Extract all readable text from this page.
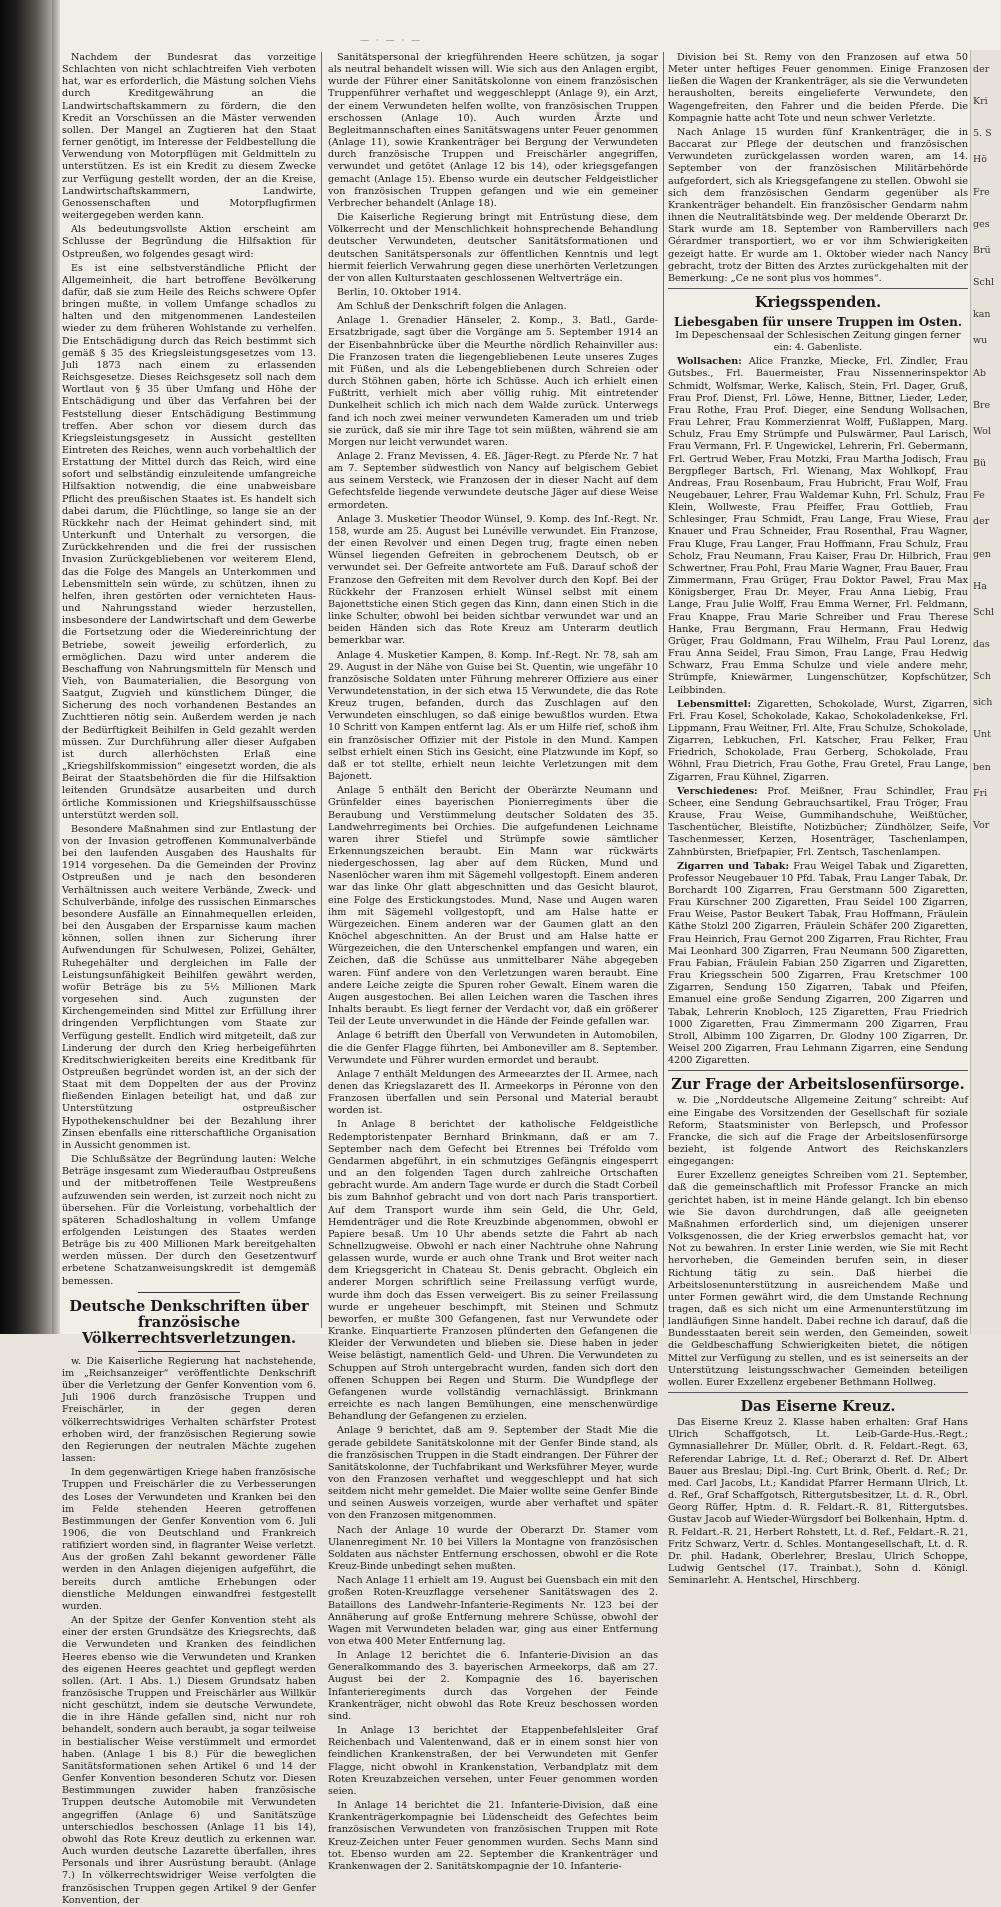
— · — · —

Nachdem der Bundesrat das vorzeitige Schlachten von nicht schlachtreifen Vieh verboten hat, war es erforderlich, die Mästung solchen Viehs durch Kreditgewährung an die Landwirtschaftskammern zu fördern, die den Kredit an Vorschüssen an die Mäster verwenden sollen. Der Mangel an Zugtieren hat den Staat ferner genötigt, im Interesse der Feldbestellung die Verwendung von Motorpflügen mit Geldmitteln zu unterstützen. Es ist ein Kredit zu diesem Zwecke zur Verfügung gestellt worden, der an die Kreise, Landwirtschaftskammern, Landwirte, Genossenschaften und Motorpflugfirmen weitergegeben werden kann.

Als bedeutungsvollste Aktion erscheint am Schlusse der Begründung die Hilfsaktion für Ostpreußen, wo folgendes gesagt wird:

Es ist eine selbstverständliche Pflicht der Allgemeinheit, die hart betroffene Bevölkerung dafür, daß sie zum Heile des Reichs schwere Opfer bringen mußte, in vollem Umfange schadlos zu halten und den mitgenommenen Landesteilen wieder zu dem früheren Wohlstande zu verhelfen. Die Entschädigung durch das Reich bestimmt sich gemäß § 35 des Kriegsleistungsgesetzes vom 13. Juli 1873 nach einem zu erlassenden Reichsgesetze. Dieses Reichsgesetz soll nach dem Wortlaut von § 35 über Umfang und Höhe der Entschädigung und über das Verfahren bei der Feststellung dieser Entschädigung Bestimmung treffen. Aber schon vor diesem durch das Kriegsleistungsgesetz in Aussicht gestellten Eintreten des Reiches, wenn auch vorbehaltlich der Erstattung der Mittel durch das Reich, wird eine sofort und selbständig einzuleitende umfangreiche Hilfsaktion notwendig, die eine unabweisbare Pflicht des preußischen Staates ist. Es handelt sich dabei darum, die Flüchtlinge, so lange sie an der Rückkehr nach der Heimat gehindert sind, mit Unterkunft und Unterhalt zu versorgen, die Zurückkehrenden und die frei der russischen Invasion Zurückgebliebenen vor weiterem Elend, das die Folge des Mangels an Unterkommen und Lebensmitteln sein würde, zu schützen, ihnen zu helfen, ihren gestörten oder vernichteten Haus- und Nahrungsstand wieder herzustellen, insbesondere der Landwirtschaft und dem Gewerbe die Fortsetzung oder die Wiedereinrichtung der Betriebe, soweit jeweilig erforderlich, zu ermöglichen. Dazu wird unter anderem die Beschaffung von Nahrungsmitteln für Mensch und Vieh, von Baumaterialien, die Besorgung von Saatgut, Zugvieh und künstlichem Dünger, die Sicherung des noch vorhandenen Bestandes an Zuchttieren nötig sein. Außerdem werden je nach der Bedürftigkeit Beihilfen in Geld gezahlt werden müssen. Zur Durchführung aller dieser Aufgaben ist durch allerhöchsten Erlaß eine „Kriegshilfskommission“ eingesetzt worden, die als Beirat der Staatsbehörden die für die Hilfsaktion leitenden Grundsätze ausarbeiten und durch örtliche Kommissionen und Kriegshilfsausschüsse unterstützt werden soll.

Besondere Maßnahmen sind zur Entlastung der von der Invasion getroffenen Kommunalverbände bei den laufenden Ausgaben des Haushalts für 1914 vorgesehen. Da die Gemeinden der Provinz Ostpreußen und je nach den besonderen Verhältnissen auch weitere Verbände, Zweck- und Schulverbände, infolge des russischen Einmarsches besondere Ausfälle an Einnahmequellen erleiden, bei den Ausgaben der Ersparnisse kaum machen können, sollen ihnen zur Sicherung ihrer Aufwendungen für Schulwesen, Polizei, Gehälter, Ruhegehälter und dergleichen im Falle der Leistungsunfähigkeit Beihilfen gewährt werden, wofür Beträge bis zu 5½ Millionen Mark vorgesehen sind. Auch zugunsten der Kirchengemeinden sind Mittel zur Erfüllung ihrer dringenden Verpflichtungen vom Staate zur Verfügung gestellt. Endlich wird mitgeteilt, daß zur Linderung der durch den Krieg herbeigeführten Kreditschwierigkeiten bereits eine Kreditbank für Ostpreußen begründet worden ist, an der sich der Staat mit dem Doppelten der aus der Provinz fließenden Einlagen beteiligt hat, und daß zur Unterstützung ostpreußischer Hypothekenschuldner bei der Bezahlung ihrer Zinsen ebenfalls eine ritterschaftliche Organisation in Aussicht genommen ist.

Die Schlußsätze der Begründung lauten: Welche Beträge insgesamt zum Wiederaufbau Ostpreußens und der mitbetroffenen Teile Westpreußens aufzuwenden sein werden, ist zurzeit noch nicht zu übersehen. Für die Vorleistung, vorbehaltlich der späteren Schadloshaltung in vollem Umfange erfolgenden Leistungen des Staates werden Beträge bis zu 400 Millionen Mark bereitgehalten werden müssen. Der durch den Gesetzentwurf erbetene Schatzanweisungskredit ist demgemäß bemessen.

Deutsche Denkschriften über französische Völkerrechtsverletzungen.

w. Die Kaiserliche Regierung hat nachstehende, im „Reichsanzeiger“ veröffentlichte Denkschrift über die Verletzung der Genfer Konvention vom 6. Juli 1906 durch französische Truppen und Freischärler, in der gegen deren völkerrechtswidriges Verhalten schärfster Protest erhoben wird, der französischen Regierung sowie den Regierungen der neutralen Mächte zugehen lassen:

In dem gegenwärtigen Kriege haben französische Truppen und Freischärler die zu Verbesserungen des Loses der Verwundeten und Kranken bei den im Felde stehenden Heeren getroffenen Bestimmungen der Genfer Konvention vom 6. Juli 1906, die von Deutschland und Frankreich ratifiziert worden sind, in flagranter Weise verletzt. Aus der großen Zahl bekannt gewordener Fälle werden in den Anlagen diejenigen aufgeführt, die bereits durch amtliche Erhebungen oder dienstliche Meldungen einwandfrei festgestellt wurden.

An der Spitze der Genfer Konvention steht als einer der ersten Grundsätze des Kriegsrechts, daß die Verwundeten und Kranken des feindlichen Heeres ebenso wie die Verwundeten und Kranken des eigenen Heeres geachtet und gepflegt werden sollen. (Art. 1 Abs. 1.) Diesem Grundsatz haben französische Truppen und Freischärler aus Willkür nicht geschützt, indem sie deutsche Verwundete, die in ihre Hände gefallen sind, nicht nur roh behandelt, sondern auch beraubt, ja sogar teilweise in bestialischer Weise verstümmelt und ermordet haben. (Anlage 1 bis 8.) Für die beweglichen Sanitätsformationen sehen Artikel 6 und 14 der Genfer Konvention besonderen Schutz vor. Diesen Bestimmungen zuwider haben französische Truppen deutsche Automobile mit Verwundeten angegriffen (Anlage 6) und Sanitätszüge unterschiedlos beschossen (Anlage 11 bis 14), obwohl das Rote Kreuz deutlich zu erkennen war. Auch wurden deutsche Lazarette überfallen, ihres Personals und ihrer Ausrüstung beraubt. (Anlage 7.) In völkerrechtswidriger Weise verfolgten die französischen Truppen gegen Artikel 9 der Genfer Konvention, der

Sanitätspersonal der kriegführenden Heere schützen, ja sogar als neutral behandelt wissen will. Wie sich aus den Anlagen ergibt, wurde der Führer einer Sanitätskolonne von einem französischen Truppenführer verhaftet und weggeschleppt (Anlage 9), ein Arzt, der einem Verwundeten helfen wollte, von französischen Truppen erschossen (Anlage 10). Auch wurden Ärzte und Begleitmannschaften eines Sanitätswagens unter Feuer genommen (Anlage 11), sowie Krankenträger bei Bergung der Verwundeten durch französische Truppen und Freischärler angegriffen, verwundet und getötet (Anlage 12 bis 14), oder kriegsgefangen gemacht (Anlage 15). Ebenso wurde ein deutscher Feldgeistlicher von französischen Truppen gefangen und wie ein gemeiner Verbrecher behandelt (Anlage 18).

Die Kaiserliche Regierung bringt mit Entrüstung diese, dem Völkerrecht und der Menschlichkeit hohnsprechende Behandlung deutscher Verwundeten, deutscher Sanitätsformationen und deutschen Sanitätspersonals zur öffentlichen Kenntnis und legt hiermit feierlich Verwahrung gegen diese unerhörten Verletzungen der von allen Kulturstaaten geschlossenen Weltverträge ein.

Berlin, 10. Oktober 1914.

Am Schluß der Denkschrift folgen die Anlagen.

Anlage 1. Grenadier Hänseler, 2. Komp., 3. Batl., Garde-Ersatzbrigade, sagt über die Vorgänge am 5. September 1914 an der Eisenbahnbrücke über die Meurthe nördlich Rehainviller aus: Die Franzosen traten die liegengebliebenen Leute unseres Zuges mit Füßen, und als die Lebengebliebenen durch Schreien oder durch Stöhnen gaben, hörte ich Schüsse. Auch ich erhielt einen Fußtritt, verhielt mich aber völlig ruhig. Mit eintretender Dunkelheit schlich ich mich nach dem Walde zurück. Unterwegs fand ich noch zwei meiner verwundeten Kameraden um und trieb sie zurück, daß sie mir ihre Tage tot sein müßten, während sie am Morgen nur leicht verwundet waren.

Anlage 2. Franz Mevissen, 4. Eß. Jäger-Regt. zu Pferde Nr. 7 hat am 7. September südwestlich von Nancy auf belgischem Gebiet aus seinem Versteck, wie Franzosen der in dieser Nacht auf dem Gefechtsfelde liegende verwundete deutsche Jäger auf diese Weise ermordeten.

Anlage 3. Musketier Theodor Wünsel, 9. Komp. des Inf.-Regt. Nr. 158, wurde am 25. August bei Lunéville verwundet. Ein Franzose, der einen Revolver und einen Degen trug, fragte einen neben Wünsel liegenden Gefreiten in gebrochenem Deutsch, ob er verwundet sei. Der Gefreite antwortete am Fuß. Darauf schoß der Franzose den Gefreiten mit dem Revolver durch den Kopf. Bei der Rückkehr der Franzosen erhielt Wünsel selbst mit einem Bajonettstiche einen Stich gegen das Kinn, dann einen Stich in die linke Schulter, obwohl bei beiden sichtbar verwundet war und an beiden Händen sich das Rote Kreuz am Unterarm deutlich bemerkbar war.

Anlage 4. Musketier Kampen, 8. Komp. Inf.-Regt. Nr. 78, sah am 29. August in der Nähe von Guise bei St. Quentin, wie ungefähr 10 französische Soldaten unter Führung mehrerer Offiziere aus einer Verwundetenstation, in der sich etwa 15 Verwundete, die das Rote Kreuz trugen, befanden, durch das Zuschlagen auf den Verwundeten einschlugen, so daß einige bewußtlos wurden. Etwa 10 Schritt von Kampen entfernt lag. Als er um Hilfe rief, schoß ihm ein französischer Offizier mit der Pistole in den Mund. Kampen selbst erhielt einen Stich ins Gesicht, eine Platzwunde im Kopf, so daß er tot stellte, erhielt neun leichte Verletzungen mit dem Bajonett.

Anlage 5 enthält den Bericht der Oberärzte Neumann und Grünfelder eines bayerischen Pionierregiments über die Beraubung und Verstümmelung deutscher Soldaten des 35. Landwehrregiments bei Orchies. Die aufgefundenen Leichname waren ihrer Stiefel und Strümpfe sowie sämtlicher Erkennungszeichen beraubt. Ein Mann war rückwärts niedergeschossen, lag aber auf dem Rücken, Mund und Nasenlöcher waren ihm mit Sägemehl vollgestopft. Einem anderen war das linke Ohr glatt abgeschnitten und das Gesicht blaurot, eine Folge des Erstickungstodes. Mund, Nase und Augen waren ihm mit Sägemehl vollgestopft, und am Halse hatte er Würgezeichen. Einem anderen war der Gaumen glatt an den Knöchel abgeschnitten. An der Brust und am Halse hatte er Würgezeichen, die den Unterschenkel empfangen und waren, ein Zeichen, daß die Schüsse aus unmittelbarer Nähe abgegeben waren. Fünf andere von den Verletzungen waren beraubt. Eine andere Leiche zeigte die Spuren roher Gewalt. Einem waren die Augen ausgestochen. Bei allen Leichen waren die Taschen ihres Inhalts beraubt. Es liegt ferner der Verdacht vor, daß ein größerer Teil der Leute unverwundet in die Hände der Feinde gefallen war.

Anlage 6 betrifft den Überfall von Verwundeten in Automobilen, die die Genfer Flagge führten, bei Amboneviller am 8. September. Verwundete und Führer wurden ermordet und beraubt.

Anlage 7 enthält Meldungen des Armeearztes der II. Armee, nach denen das Kriegslazarett des II. Armeekorps in Péronne von den Franzosen überfallen und sein Personal und Material beraubt worden ist.

In Anlage 8 berichtet der katholische Feldgeistliche Redemptoristenpater Bernhard Brinkmann, daß er am 7. September nach dem Gefecht bei Etrennes bei Tréfoldo vom Gendarmen abgeführt, in ein schmutziges Gefängnis eingesperrt und an den folgenden Tagen durch zahlreiche Ortschaften gebracht wurde. Am andern Tage wurde er durch die Stadt Corbeil bis zum Bahnhof gebracht und von dort nach Paris transportiert. Auf dem Transport wurde ihm sein Geld, die Uhr, Geld, Hemdenträger und die Rote Kreuzbinde abgenommen, obwohl er Papiere besaß. Um 10 Uhr abends setzte die Fahrt ab nach Schnellzugweise. Obwohl er nach einer Nachtruhe ohne Nahrung gelassen wurde, wurde er auch ohne Trank und Brot weiter nach dem Kriegsgericht in Chateau St. Denis gebracht. Obgleich ein anderer Morgen schriftlich seine Freilassung verfügt wurde, wurde ihm doch das Essen verweigert. Bis zu seiner Freilassung wurde er ungeheuer beschimpft, mit Steinen und Schmutz beworfen, er mußte 300 Gefangenen, fast nur Verwundete oder Kranke. Einquartierte Franzosen plünderten den Gefangenen die Kleider der Verwundeten und blieben sie. Diese haben in jeder Weise belästigt, namentlich Geld- und Uhren. Die Verwundeten zu Schuppen auf Stroh untergebracht wurden, fanden sich dort den offenen Schuppen bei Regen und Sturm. Die Wundpflege der Gefangenen wurde vollständig vernachlässigt. Brinkmann erreichte es nach langen Bemühungen, eine menschenwürdige Behandlung der Gefangenen zu erzielen.

Anlage 9 berichtet, daß am 9. September der Stadt Mie die gerade gebildete Sanitätskolonne mit der Genfer Binde stand, als die französischen Truppen in die Stadt eindrangen. Der Führer der Sanitätskolonne, der Tuchfabrikant und Werksführer Meyer, wurde von den Franzosen verhaftet und weggeschleppt und hat sich seitdem nicht mehr gemeldet. Die Maier wollte seine Genfer Binde und seinen Ausweis vorzeigen, wurde aber verhaftet und später von den Franzosen mitgenommen.

Nach der Anlage 10 wurde der Oberarzt Dr. Stamer vom Ulanenregiment Nr. 10 bei Villers la Montagne von französischen Soldaten aus nächster Entfernung erschossen, obwohl er die Rote Kreuz-Binde unbedingt sehen mußten.

Nach Anlage 11 erhielt am 19. August bei Guensbach ein mit den großen Roten-Kreuzflagge versehener Sanitätswagen des 2. Bataillons des Landwehr-Infanterie-Regiments Nr. 123 bei der Annäherung auf große Entfernung mehrere Schüsse, obwohl der Wagen mit Verwundeten beladen war, ging aus einer Entfernung von etwa 400 Meter Entfernung lag.

In Anlage 12 berichtet die 6. Infanterie-Division an das Generalkommando des 3. bayerischen Armeekorps, daß am 27. August bei der 2. Kompagnie des 16. bayerischen Infanterieregiments durch das Vorgehen der Feinde Krankenträger, nicht obwohl das Rote Kreuz beschossen worden sind.

In Anlage 13 berichtet der Etappenbefehlsleiter Graf Reichenbach und Valentenwand, daß er in einem sonst hier von feindlichen Krankenstraßen, der bei Verwundeten mit Genfer Flagge, nicht obwohl in Krankenstation, Verbandplatz mit dem Roten Kreuzabzeichen versehen, unter Feuer genommen worden seien.

In Anlage 14 berichtet die 21. Infanterie-Division, daß eine Krankenträgerkompagnie bei Lüdenscheidt des Gefechtes beim französischen Verwundeten von französischen Truppen mit Rote Kreuz-Zeichen unter Feuer genommen wurden. Sechs Mann sind tot. Ebenso wurden am 22. September die Krankenträger und Krankenwagen der 2. Sanitätskompagnie der 10. Infanterie-

Division bei St. Remy von den Franzosen auf etwa 50 Meter unter heftiges Feuer genommen. Einige Franzosen ließen die Wagen der Krankenträger, als sie die Verwundeten herausholten, bereits eingelieferte Verwundete, den Wagengefreiten, den Fahrer und die beiden Pferde. Die Kompagnie hatte acht Tote und neun schwer Verletzte.

Nach Anlage 15 wurden fünf Krankenträger, die in Baccarat zur Pflege der deutschen und französischen Verwundeten zurückgelassen worden waren, am 14. September von der französischen Militärbehörde aufgefordert, sich als Kriegsgefangene zu stellen. Obwohl sie sich dem französischen Gendarm gegenüber als Krankenträger behandelt. Ein französischer Gendarm nahm ihnen die Neutralitätsbinde weg. Der meldende Oberarzt Dr. Stark wurde am 18. September von Rambervillers nach Gérardmer transportiert, wo er vor ihm Schwierigkeiten gezeigt hatte. Er wurde am 1. Oktober wieder nach Nancy gebracht, trotz der Bitten des Arztes zurückgehalten mit der Bemerkung: „Ce ne sont plus vos hommes“.

Kriegsspenden.
Liebesgaben für unsere Truppen im Osten.

Im Depeschensaal der Schlesischen Zeitung gingen ferner ein: 4. Gabenliste.

Wollsachen: Alice Franzke, Miecke, Frl. Zindler, Frau Gutsbes., Frl. Bauermeister, Frau Nissennerinspektor Schmidt, Wolfsmar, Werke, Kalisch, Stein, Frl. Dager, Gruß, Frau Prof. Dienst, Frl. Löwe, Henne, Bittner, Lieder, Leder, Frau Rothe, Frau Prof. Dieger, eine Sendung Wollsachen, Frau Lehrer, Frau Kommerzienrat Wolff, Fußlappen, Marg. Schulz, Frau Emy Strümpfe und Pulswärmer, Paul Larisch, Frau Vermann, Frl. F. Ungewickel, Lehrerin, Frl. Gebermann, Frl. Gertrud Weber, Frau Motzki, Frau Martha Jodisch, Frau Bergpfleger Bartsch, Frl. Wienang, Max Wohlkopf, Frau Andreas, Frau Rosenbaum, Frau Hubricht, Frau Wolf, Frau Neugebauer, Lehrer, Frau Waldemar Kuhn, Frl. Schulz, Frau Klein, Wollweste, Frau Pfeiffer, Frau Gottlieb, Frau Schlesinger, Frau Schmidt, Frau Lange, Frau Wiese, Frau Knauer und Frau Schneider, Frau Rosenthal, Frau Wagner, Frau Kluge, Frau Langer, Frau Hoffmann, Frau Schulz, Frau Scholz, Frau Neumann, Frau Kaiser, Frau Dr. Hilbrich, Frau Schwertner, Frau Pohl, Frau Marie Wagner, Frau Bauer, Frau Zimmermann, Frau Grüger, Frau Doktor Pawel, Frau Max Königsberger, Frau Dr. Meyer, Frau Anna Liebig, Frau Lange, Frau Julie Wolff, Frau Emma Werner, Frl. Feldmann, Frau Knappe, Frau Marie Schreiber und Frau Therese Hanke, Frau Bergmann, Frau Hermann, Frau Hedwig Grüger, Frau Goldmann, Frau Wilhelm, Frau Paul Lorenz, Frau Anna Seidel, Frau Simon, Frau Lange, Frau Hedwig Schwarz, Frau Emma Schulze und viele andere mehr, Strümpfe, Kniewärmer, Lungenschützer, Kopfschützer, Leibbinden.

Lebensmittel: Zigaretten, Schokolade, Wurst, Zigarren, Frl. Frau Kosel, Schokolade, Kakao, Schokoladenkekse, Frl. Lippmann, Frau Weitner, Frl. Alte, Frau Schulze, Schokolade, Zigarren, Lebkuchen, Frl. Katscher, Frau Felker, Frau Friedrich, Schokolade, Frau Gerberg, Schokolade, Frau Wöhnl, Frau Dietrich, Frau Gothe, Frau Gretel, Frau Lange, Zigarren, Frau Kühnel, Zigarren.

Verschiedenes: Prof. Meißner, Frau Schindler, Frau Scheer, eine Sendung Gebrauchsartikel, Frau Tröger, Frau Krause, Frau Weise, Gummihandschuhe, Weißtücher, Taschentücher, Bleistifte, Notizbücher; Zündhölzer, Seife, Taschenmesser, Kerzen, Hosenträger, Taschenlampen, Zahnbürsten, Briefpapier, Frl. Zentsch, Taschenlampen.

Zigarren und Tabak: Frau Weigel Tabak und Zigaretten, Professor Neugebauer 10 Pfd. Tabak, Frau Langer Tabak, Dr. Borchardt 100 Zigarren, Frau Gerstmann 500 Zigaretten, Frau Kürschner 200 Zigaretten, Frau Seidel 100 Zigarren, Frau Weise, Pastor Beukert Tabak, Frau Hoffmann, Fräulein Käthe Stolzl 200 Zigarren, Fräulein Schäfer 200 Zigaretten, Frau Heinrich, Frau Gernot 200 Zigarren, Frau Richter, Frau Mai Leonhard 300 Zigarren, Frau Neumann 500 Zigaretten, Frau Fabian, Fräulein Fabian 250 Zigarren und Zigaretten, Frau Kriegsschein 500 Zigarren, Frau Kretschmer 100 Zigarren, Sendung 150 Zigarren, Tabak und Pfeifen, Emanuel eine große Sendung Zigarren, 200 Zigarren und Tabak, Lehrerin Knobloch, 125 Zigaretten, Frau Friedrich 1000 Zigaretten, Frau Zimmermann 200 Zigarren, Frau Stroll, Albimm 100 Zigarren, Dr. Glodny 100 Zigarren, Dr. Weisel 200 Zigarren, Frau Lehmann Zigarren, eine Sendung 4200 Zigaretten.

Zur Frage der Arbeitslosenfürsorge.

w. Die „Norddeutsche Allgemeine Zeitung“ schreibt: Auf eine Eingabe des Vorsitzenden der Gesellschaft für soziale Reform, Staatsminister von Berlepsch, und Professor Francke, die sich auf die Frage der Arbeitslosenfürsorge bezieht, ist folgende Antwort des Reichskanzlers eingegangen:

Eurer Exzellenz geneigtes Schreiben vom 21. September, daß die gemeinschaftlich mit Professor Francke an mich gerichtet haben, ist in meine Hände gelangt. Ich bin ebenso wie Sie davon durchdrungen, daß alle geeigneten Maßnahmen erforderlich sind, um diejenigen unserer Volksgenossen, die der Krieg erwerbslos gemacht hat, vor Not zu bewahren. In erster Linie werden, wie Sie mit Recht hervorheben, die Gemeinden berufen sein, in dieser Richtung tätig zu sein. Daß hierbei die Arbeitslosenunterstützung in ausreichendem Maße und unter Formen gewährt wird, die dem Umstande Rechnung tragen, daß es sich nicht um eine Armenunterstützung im landläufigen Sinne handelt. Dabei rechne ich darauf, daß die Bundesstaaten bereit sein werden, den Gemeinden, soweit die Geldbeschaffung Schwierigkeiten bietet, die nötigen Mittel zur Verfügung zu stellen, und es ist seinerseits an der Unterstützung leistungsschwacher Gemeinden beteiligen wollen. Eurer Exzellenz ergebener Bethmann Hollweg.

Das Eiserne Kreuz.

Das Eiserne Kreuz 2. Klasse haben erhalten: Graf Hans Ulrich Schaffgotsch, Lt. Leib-Garde-Hus.-Regt.; Gymnasiallehrer Dr. Müller, Obrlt. d. R. Feldart.-Regt. 63, Referendar Labrige, Lt. d. Ref.; Oberarzt d. Ref. Dr. Albert Bauer aus Breslau; Dipl.-Ing. Curt Brink, Oberlt. d. Ref.; Dr. med. Carl Jacobs, Lt.; Kandidat Pfarrer Hermann Ulrich, Lt. d. Ref., Graf Schaffgotsch, Rittergutsbesitzer, Lt. d. R., Obrl. Georg Rüffer, Hptm. d. R. Feldart.-R. 81, Rittergutsbes. Gustav Jacob auf Wieder-Würgsdorf bei Bolkenhain, Hptm. d. R. Feldart.-R. 21, Herbert Rohstett, Lt. d. Ref., Feldart.-R. 21, Fritz Schwarz, Vertr. d. Schles. Montangesellschaft, Lt. d. R. Dr. phil. Hadank, Oberlehrer, Breslau, Ulrich Schoppe, Ludwig Gentschel (17. Trainbat.), Sohn d. Königl. Seminarlehr. A. Hentschel, Hirschberg.

der
Kri
5. S
Hö
Fre
ges
Brü
Schl
kan
wu
Ab
Bre
Wol
Bü
Fe
der
gen
Ha
Schl
das
Sch
sich
Unt
ben
Fri
Vor
